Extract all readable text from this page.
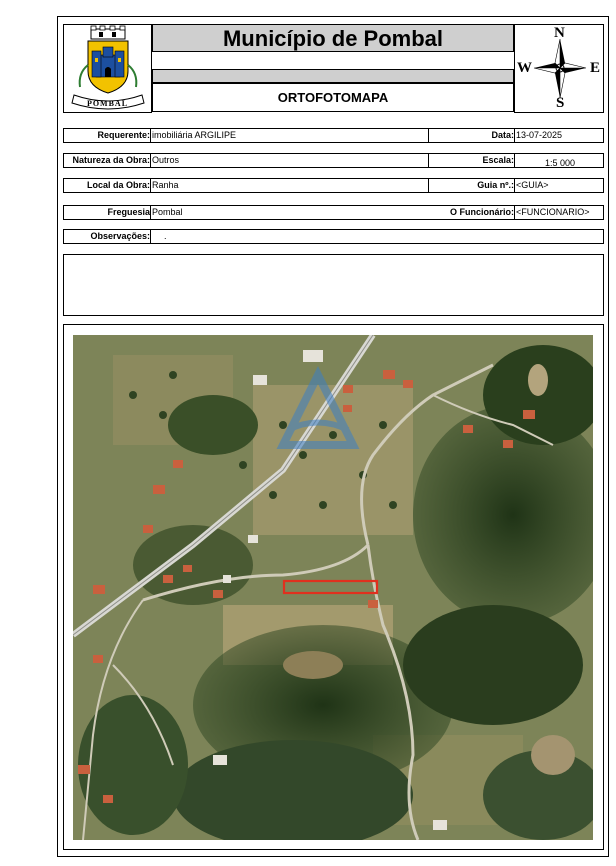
POMBAL
Município de Pombal
ORTOFOTOMAPA
N
S
W	E
Requerente: imobiliária ARGILIPE	Data: 13-07-2025
Natureza da Obra: Outros	Escala:	1:5 000
Local da Obra: Ranha	Guia nº.: <GUIA>
Freguesia Pombal	O Funcionário: <FUNCIONARIO>
Observações: .
